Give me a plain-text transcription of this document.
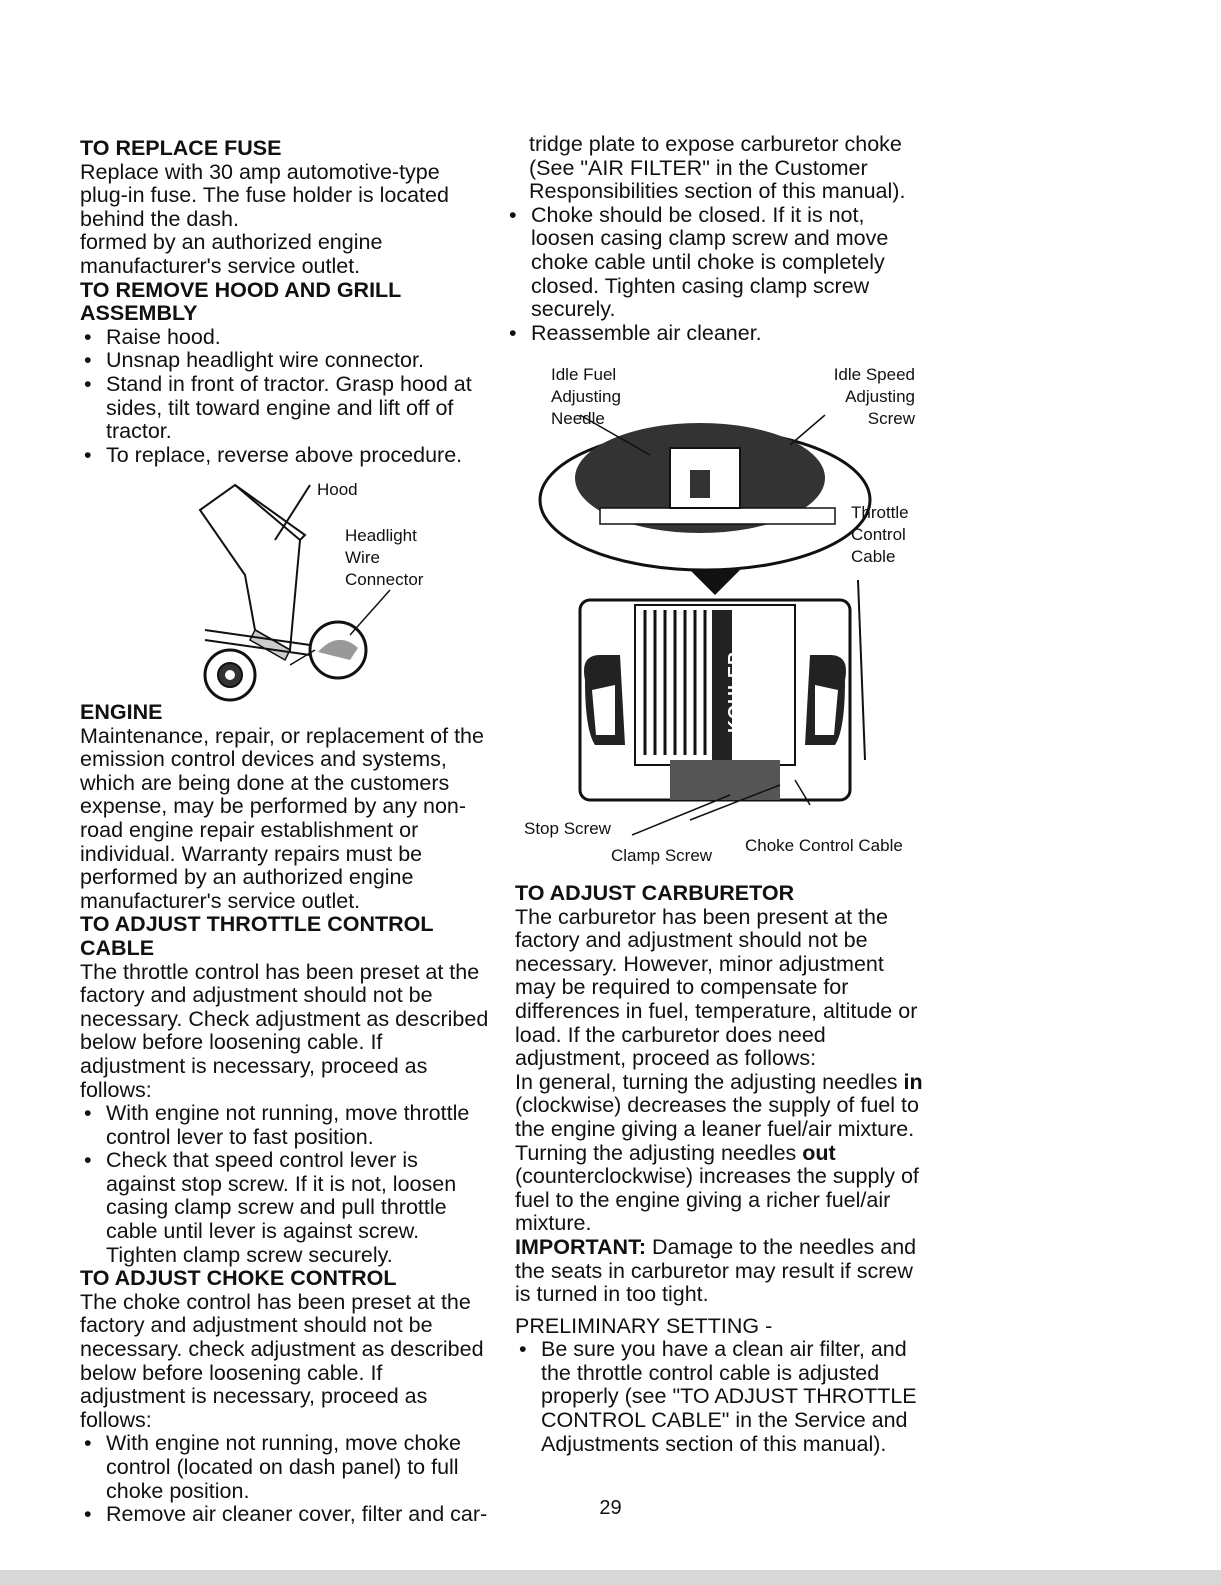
TO REPLACE FUSE

Replace with 30 amp automotive-type plug-in fuse. The fuse holder is located behind the dash.

formed by an authorized engine manufacturer's service outlet.

TO REMOVE HOOD AND GRILL ASSEMBLY

• Raise hood.
• Unsnap headlight wire connector.
• Stand in front of tractor. Grasp hood at sides, tilt toward engine and lift off of tractor.
• To replace, reverse above procedure.
Hood
Headlight Wire Connector

ENGINE

Maintenance, repair, or replacement of the emission control devices and systems, which are being done at the customers expense, may be performed by any non-road engine repair establishment or individual. Warranty repairs must be performed by an authorized engine manufacturer's service outlet.

TO ADJUST THROTTLE CONTROL CABLE

The throttle control has been preset at the factory and adjustment should not be necessary. Check adjustment as described below before loosening cable. If adjustment is necessary, proceed as follows:

• With engine not running, move throttle control lever to fast position.
• Check that speed control lever is against stop screw. If it is not, loosen casing clamp screw and pull throttle cable until lever is against screw. Tighten clamp screw securely.

TO ADJUST CHOKE CONTROL

The choke control has been preset at the factory and adjustment should not be necessary. check adjustment as described below before loosening cable. If adjustment is necessary, proceed as follows:

• With engine not running, move choke control (located on dash panel) to full choke position.
• Remove air cleaner cover, filter and car-

tridge plate to expose carburetor choke (See "AIR FILTER" in the Customer Responsibilities section of this manual).

• Choke should be closed. If it is not, loosen casing clamp screw and move choke cable until choke is completely closed. Tighten casing clamp screw securely.
• Reassemble air cleaner.
KOHLER
Idle Fuel Adjusting Needle
Idle Speed Adjusting Screw
Throttle Control Cable
Stop Screw
Clamp Screw
Choke Control Cable

TO ADJUST CARBURETOR

The carburetor has been present at the factory and adjustment should not be necessary. However, minor adjustment may be required to compensate for differences in fuel, temperature, altitude or load. If the carburetor does need adjustment, proceed as follows:

In general, turning the adjusting needles in (clockwise) decreases the supply of fuel to the engine giving a leaner fuel/air mixture. Turning the adjusting needles out (counterclockwise) increases the supply of fuel to the engine giving a richer fuel/air mixture.

IMPORTANT: Damage to the needles and the seats in carburetor may result if screw is turned in too tight.

PRELIMINARY SETTING -

• Be sure you have a clean air filter, and the throttle control cable is adjusted properly (see "TO ADJUST THROTTLE CONTROL CABLE" in the Service and Adjustments section of this manual).
29
